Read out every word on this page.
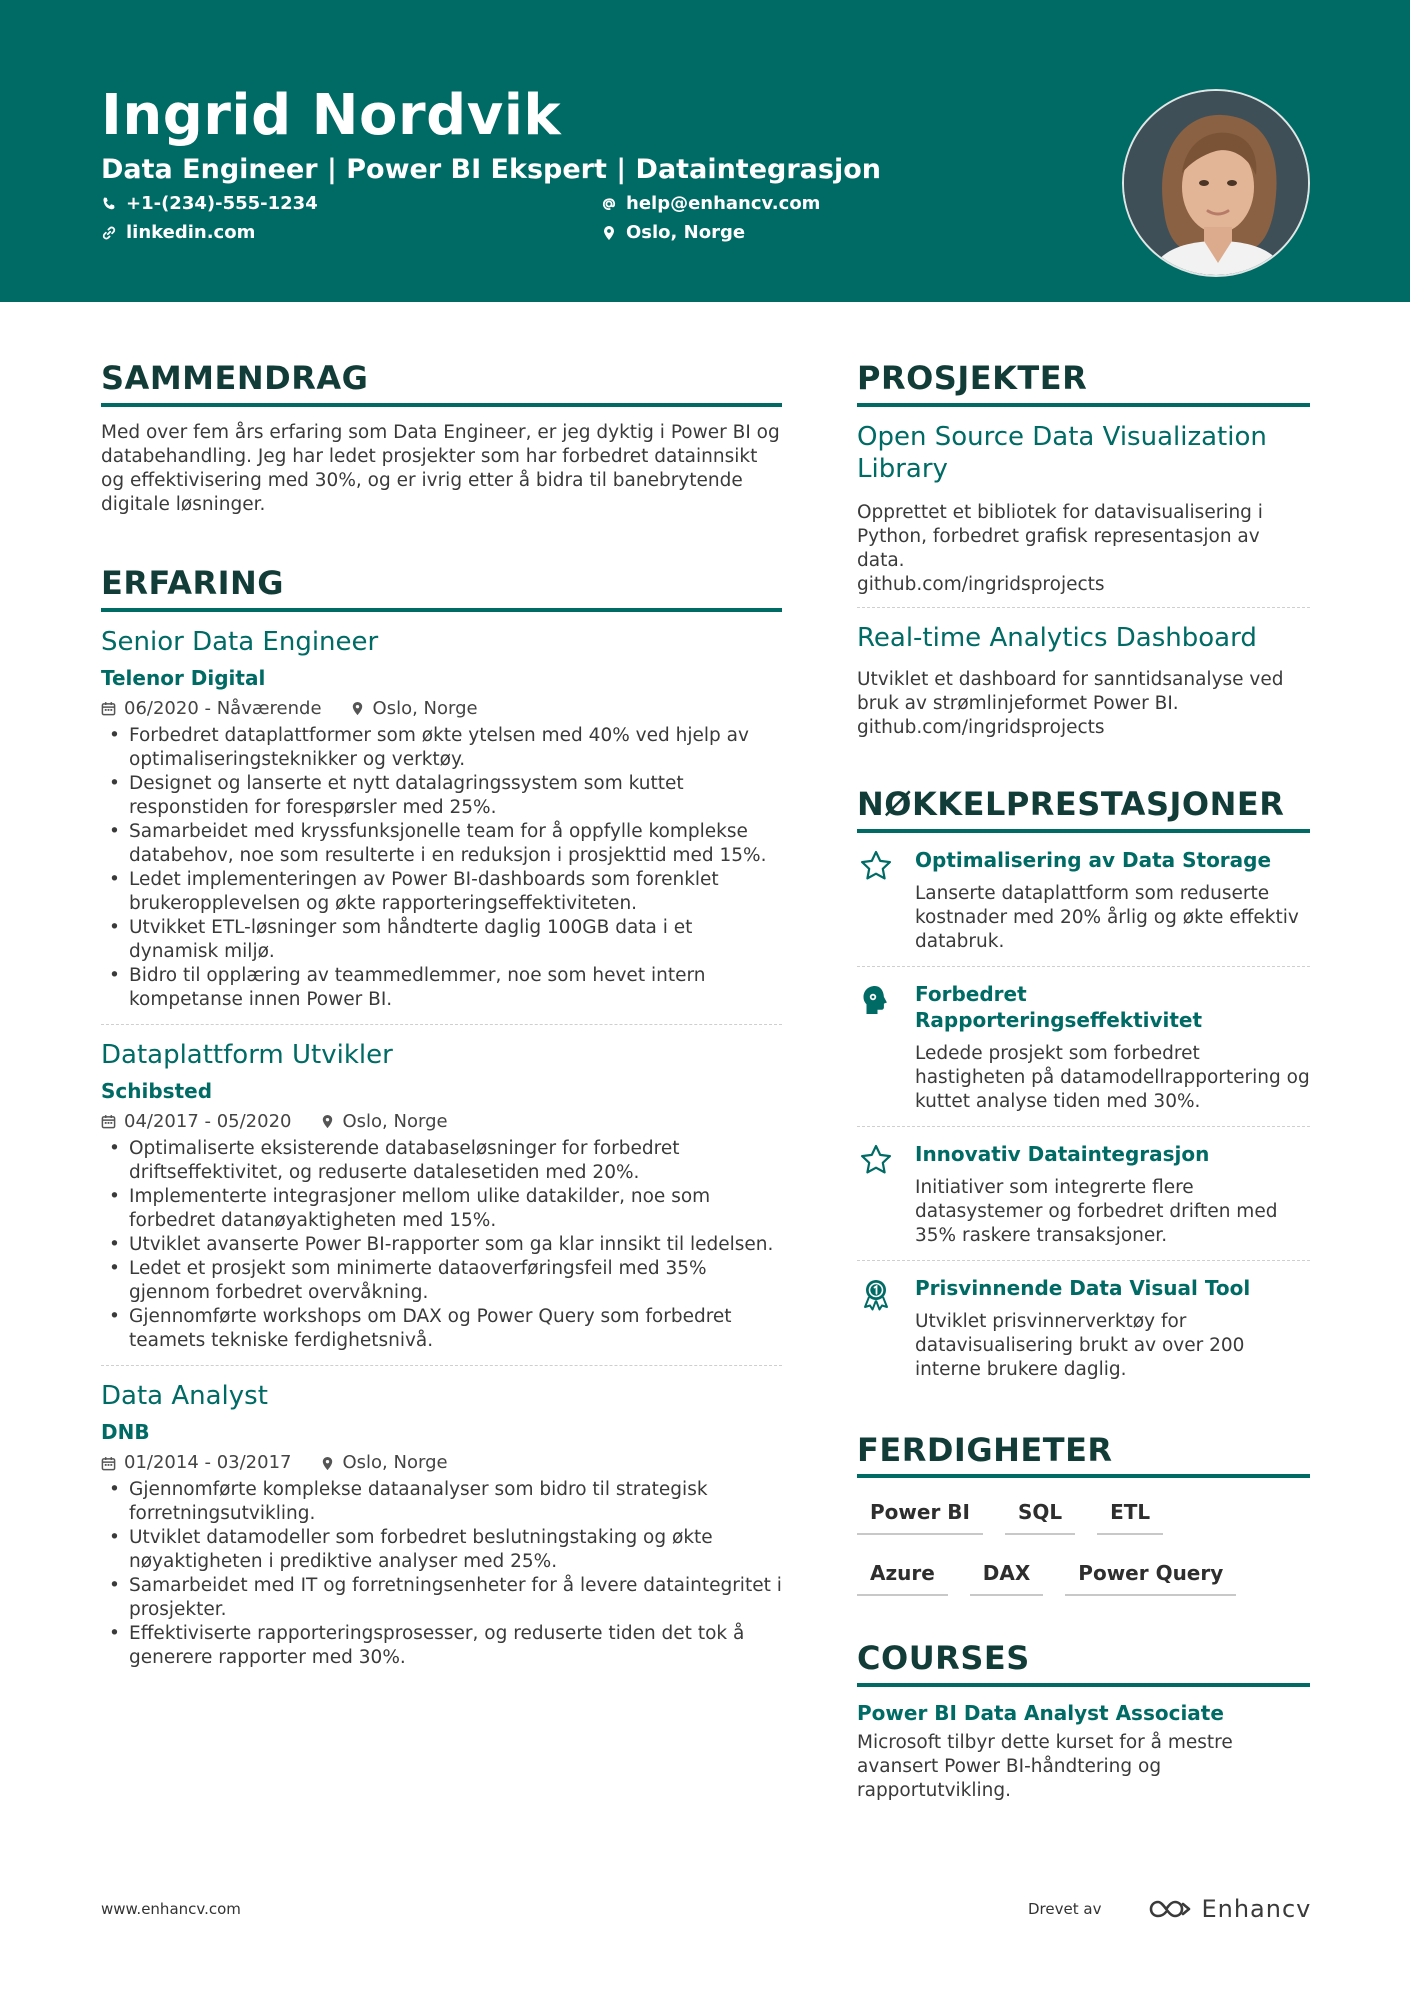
Ingrid Nordvik
Data Engineer | Power BI Ekspert | Dataintegrasjon
+1-(234)-555-1234	help@enhancv.com
linkedin.com	Oslo, Norge
SAMMENDRAG

Med over fem års erfaring som Data Engineer, er jeg dyktig i Power BI og databehandling. Jeg har ledet prosjekter som har forbedret datainnsikt og effektivisering med 30%, og er ivrig etter å bidra til banebrytende digitale løsninger.

ERFARING
Senior Data Engineer
Telenor Digital
06/2020 - Nåværende	Oslo, Norge
• Forbedret dataplattformer som økte ytelsen med 40% ved hjelp av optimaliseringsteknikker og verktøy.
• Designet og lanserte et nytt datalagringssystem som kuttet responstiden for forespørsler med 25%.
• Samarbeidet med kryssfunksjonelle team for å oppfylle komplekse databehov, noe som resulterte i en reduksjon i prosjekttid med 15%.
• Ledet implementeringen av Power BI-dashboards som forenklet brukeropplevelsen og økte rapporteringseffektiviteten.
• Utvikket ETL-løsninger som håndterte daglig 100GB data i et dynamisk miljø.
• Bidro til opplæring av teammedlemmer, noe som hevet intern kompetanse innen Power BI.
Dataplattform Utvikler
Schibsted
04/2017 - 05/2020	Oslo, Norge
• Optimaliserte eksisterende databaseløsninger for forbedret driftseffektivitet, og reduserte datalesetiden med 20%.
• Implementerte integrasjoner mellom ulike datakilder, noe som forbedret datanøyaktigheten med 15%.
• Utviklet avanserte Power BI-rapporter som ga klar innsikt til ledelsen.
• Ledet et prosjekt som minimerte dataoverføringsfeil med 35% gjennom forbedret overvåkning.
• Gjennomførte workshops om DAX og Power Query som forbedret teamets tekniske ferdighetsnivå.
Data Analyst
DNB
01/2014 - 03/2017	Oslo, Norge
• Gjennomførte komplekse dataanalyser som bidro til strategisk forretningsutvikling.
• Utviklet datamodeller som forbedret beslutningstaking og økte nøyaktigheten i prediktive analyser med 25%.
• Samarbeidet med IT og forretningsenheter for å levere dataintegritet i prosjekter.
• Effektiviserte rapporteringsprosesser, og reduserte tiden det tok å generere rapporter med 30%.
PROSJEKTER
Open Source Data Visualization Library

Opprettet et bibliotek for datavisualisering i Python, forbedret grafisk representasjon av data.

github.com/ingridsprojects

Real-time Analytics Dashboard

Utviklet et dashboard for sanntidsanalyse ved bruk av strømlinjeformet Power BI.

github.com/ingridsprojects

NØKKELPRESTASJONER
Optimalisering av Data Storage
Lanserte dataplattform som reduserte kostnader med 20% årlig og økte effektiv databruk.
Forbedret Rapporteringseffektivitet
Ledede prosjekt som forbedret hastigheten på datamodellrapportering og kuttet analyse tiden med 30%.
Innovativ Dataintegrasjon
Initiativer som integrerte flere datasystemer og forbedret driften med 35% raskere transaksjoner.
Prisvinnende Data Visual Tool
Utviklet prisvinnerverktøy for datavisualisering brukt av over 200 interne brukere daglig.
FERDIGHETER
Power BI	SQL	ETL
Azure	DAX	Power Query
COURSES
Power BI Data Analyst Associate

Microsoft tilbyr dette kurset for å mestre avansert Power BI-håndtering og rapportutvikling.

www.enhancv.com	Drevet av	Enhancv
